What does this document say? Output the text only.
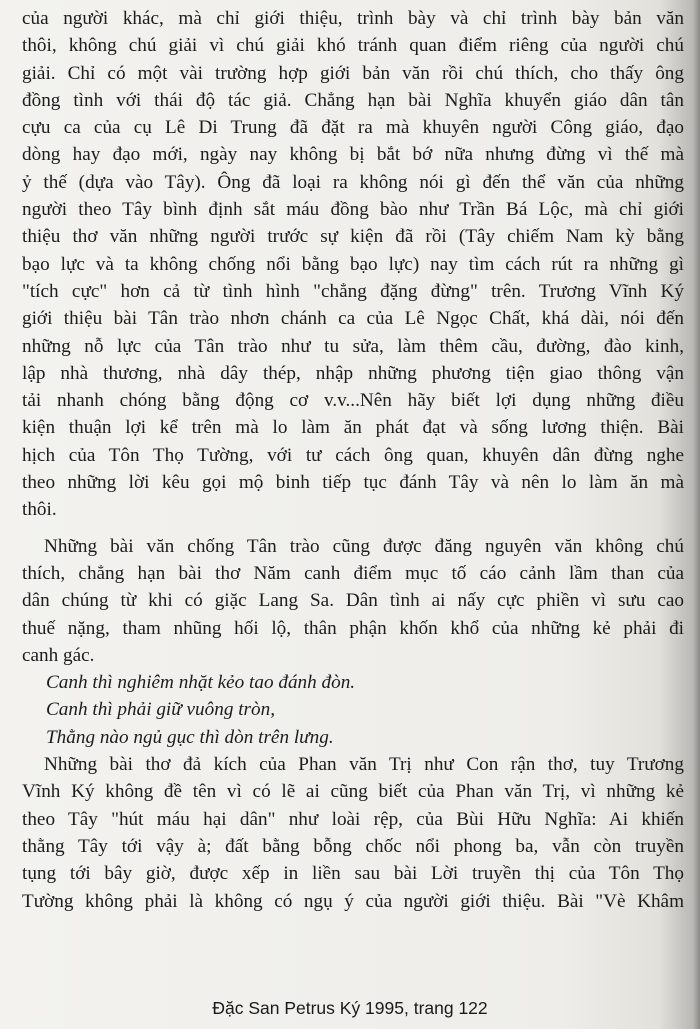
của người khác, mà chỉ giới thiệu, trình bày và chỉ trình bày bản văn
thôi, không chú giải vì chú giải khó tránh quan điểm riêng của người chú
giải. Chỉ có một vài trường hợp giới bản văn rồi chú thích, cho thấy ông
đồng tình với thái độ tác giả. Chẳng hạn bài Nghĩa khuyển giáo dân tân
cựu ca của cụ Lê Di Trung đã đặt ra mà khuyên người Công giáo, đạo
dòng hay đạo mới, ngày nay không bị bắt bớ nữa nhưng đừng vì thế mà
ỷ thế (dựa vào Tây). Ông đã loại ra không nói gì đến thể văn của những
người theo Tây bình định sắt máu đồng bào như Trần Bá Lộc, mà chỉ giới
thiệu thơ văn những người trước sự kiện đã rồi (Tây chiếm Nam kỳ bằng
bạo lực và ta không chống nổi bằng bạo lực) nay tìm cách rút ra những gì
"tích cực" hơn cả từ tình hình "chẳng đặng đừng" trên. Trương Vĩnh Ký
giới thiệu bài Tân trào nhơn chánh ca của Lê Ngọc Chất, khá dài, nói đến
những nỗ lực của Tân trào như tu sửa, làm thêm cầu, đường, đào kinh,
lập nhà thương, nhà dây thép, nhập những phương tiện giao thông vận
tải nhanh chóng bằng động cơ v.v...Nên hãy biết lợi dụng những điều
kiện thuận lợi kể trên mà lo làm ăn phát đạt và sống lương thiện. Bài
hịch của Tôn Thọ Tường, với tư cách ông quan, khuyên dân đừng nghe
theo những lời kêu gọi mộ binh tiếp tục đánh Tây và nên lo làm ăn mà
thôi.
Những bài văn chống Tân trào cũng được đăng nguyên văn không chú
thích, chẳng hạn bài thơ Năm canh điểm mục tố cáo cảnh lầm than của
dân chúng từ khi có giặc Lang Sa. Dân tình ai nấy cực phiền vì sưu cao
thuế nặng, tham nhũng hối lộ, thân phận khốn khổ của những kẻ phải đi
canh gác.
Canh thì nghiêm nhặt kẻo tao đánh đòn.
Canh thì phải giữ vuông tròn,
Thằng nào ngủ gục thì dòn trên lưng.
Những bài thơ đả kích của Phan văn Trị như Con rận thơ, tuy Trương
Vĩnh Ký không đề tên vì có lẽ ai cũng biết của Phan văn Trị, vì những kẻ
theo Tây "hút máu hại dân" như loài rệp, của Bùi Hữu Nghĩa: Ai khiến
thằng Tây tới vậy à; đất bằng bỗng chốc nổi phong ba, vẫn còn truyền
tụng tới bây giờ, được xếp in liền sau bài Lời truyền thị của Tôn Thọ
Tường không phải là không có ngụ ý của người giới thiệu. Bài "Vè Khâm
Đặc San Petrus Ký 1995, trang 122
